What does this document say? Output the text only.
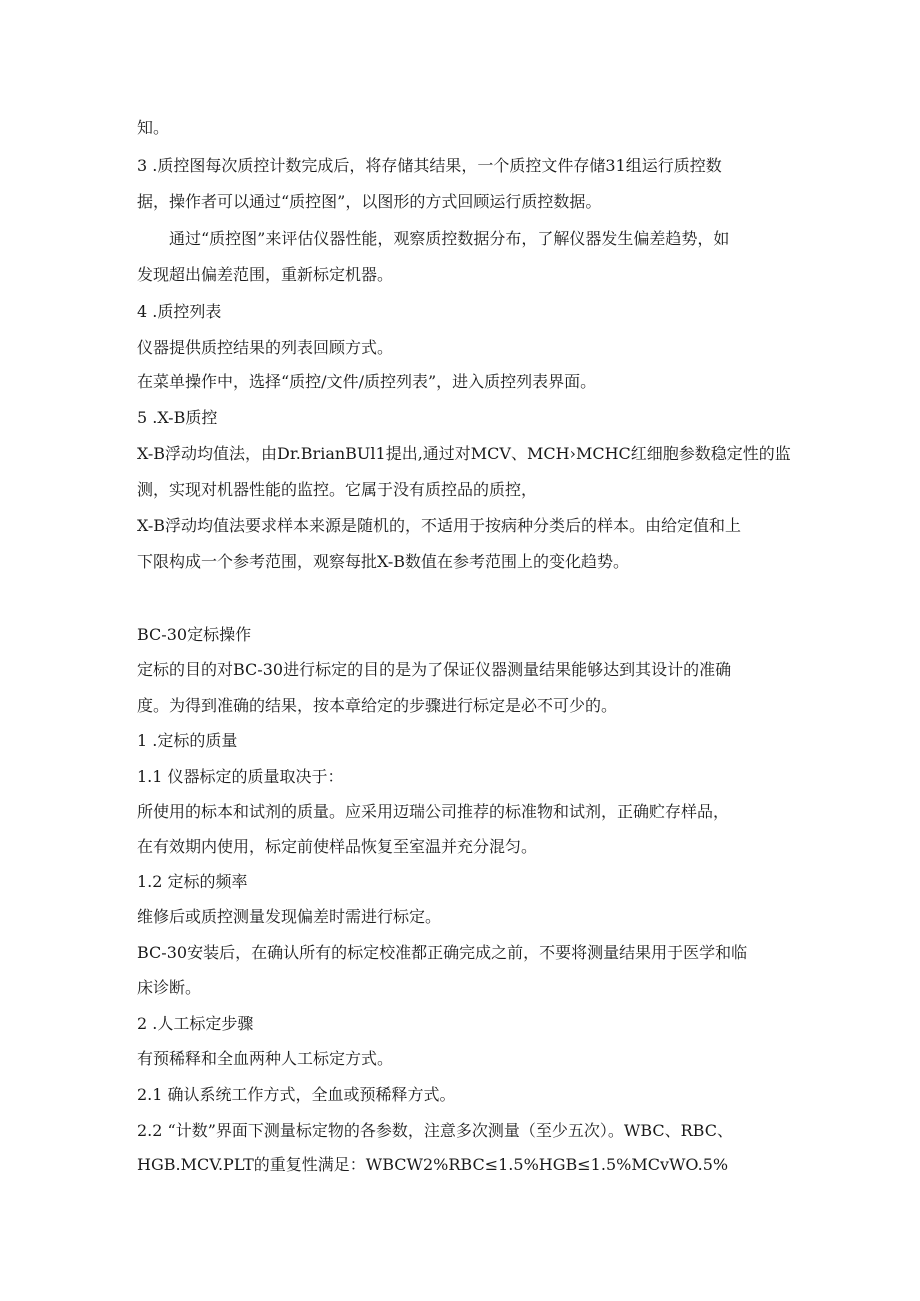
知。
3 .质控图每次质控计数完成后，将存储其结果，一个质控文件存储31组运行质控数
据，操作者可以通过“质控图”，以图形的方式回顾运行质控数据。
通过“质控图”来评估仪器性能，观察质控数据分布，了解仪器发生偏差趋势，如
发现超出偏差范围，重新标定机器。
4 .质控列表
仪器提供质控结果的列表回顾方式。
在菜单操作中，选择“质控/文件/质控列表”，进入质控列表界面。
5 .X-B质控
X-B浮动均值法，由Dr.BrianBUl1提出,通过对MCV、MCH›MCHC红细胞参数稳定性的监
测，实现对机器性能的监控。它属于没有质控品的质控，
X-B浮动均值法要求样本来源是随机的，不适用于按病种分类后的样本。由给定值和上
下限构成一个参考范围，观察每批X-B数值在参考范围上的变化趋势。
BC-30定标操作
定标的目的对BC-30进行标定的目的是为了保证仪器测量结果能够达到其设计的准确
度。为得到准确的结果，按本章给定的步骤进行标定是必不可少的。
1 .定标的质量
1.1 仪器标定的质量取决于：
所使用的标本和试剂的质量。应采用迈瑞公司推荐的标准物和试剂，正确贮存样品，
在有效期内使用，标定前使样品恢复至室温并充分混匀。
1.2 定标的频率
维修后或质控测量发现偏差时需进行标定。
BC-30安装后，在确认所有的标定校准都正确完成之前，不要将测量结果用于医学和临
床诊断。
2 .人工标定步骤
有预稀释和全血两种人工标定方式。
2.1 确认系统工作方式，全血或预稀释方式。
2.2 “计数”界面下测量标定物的各参数，注意多次测量（至少五次）。WBC、RBC、
HGB.MCV.PLT的重复性满足：WBCW2%RBC≤1.5%HGB≤1.5%MCvWO.5%
